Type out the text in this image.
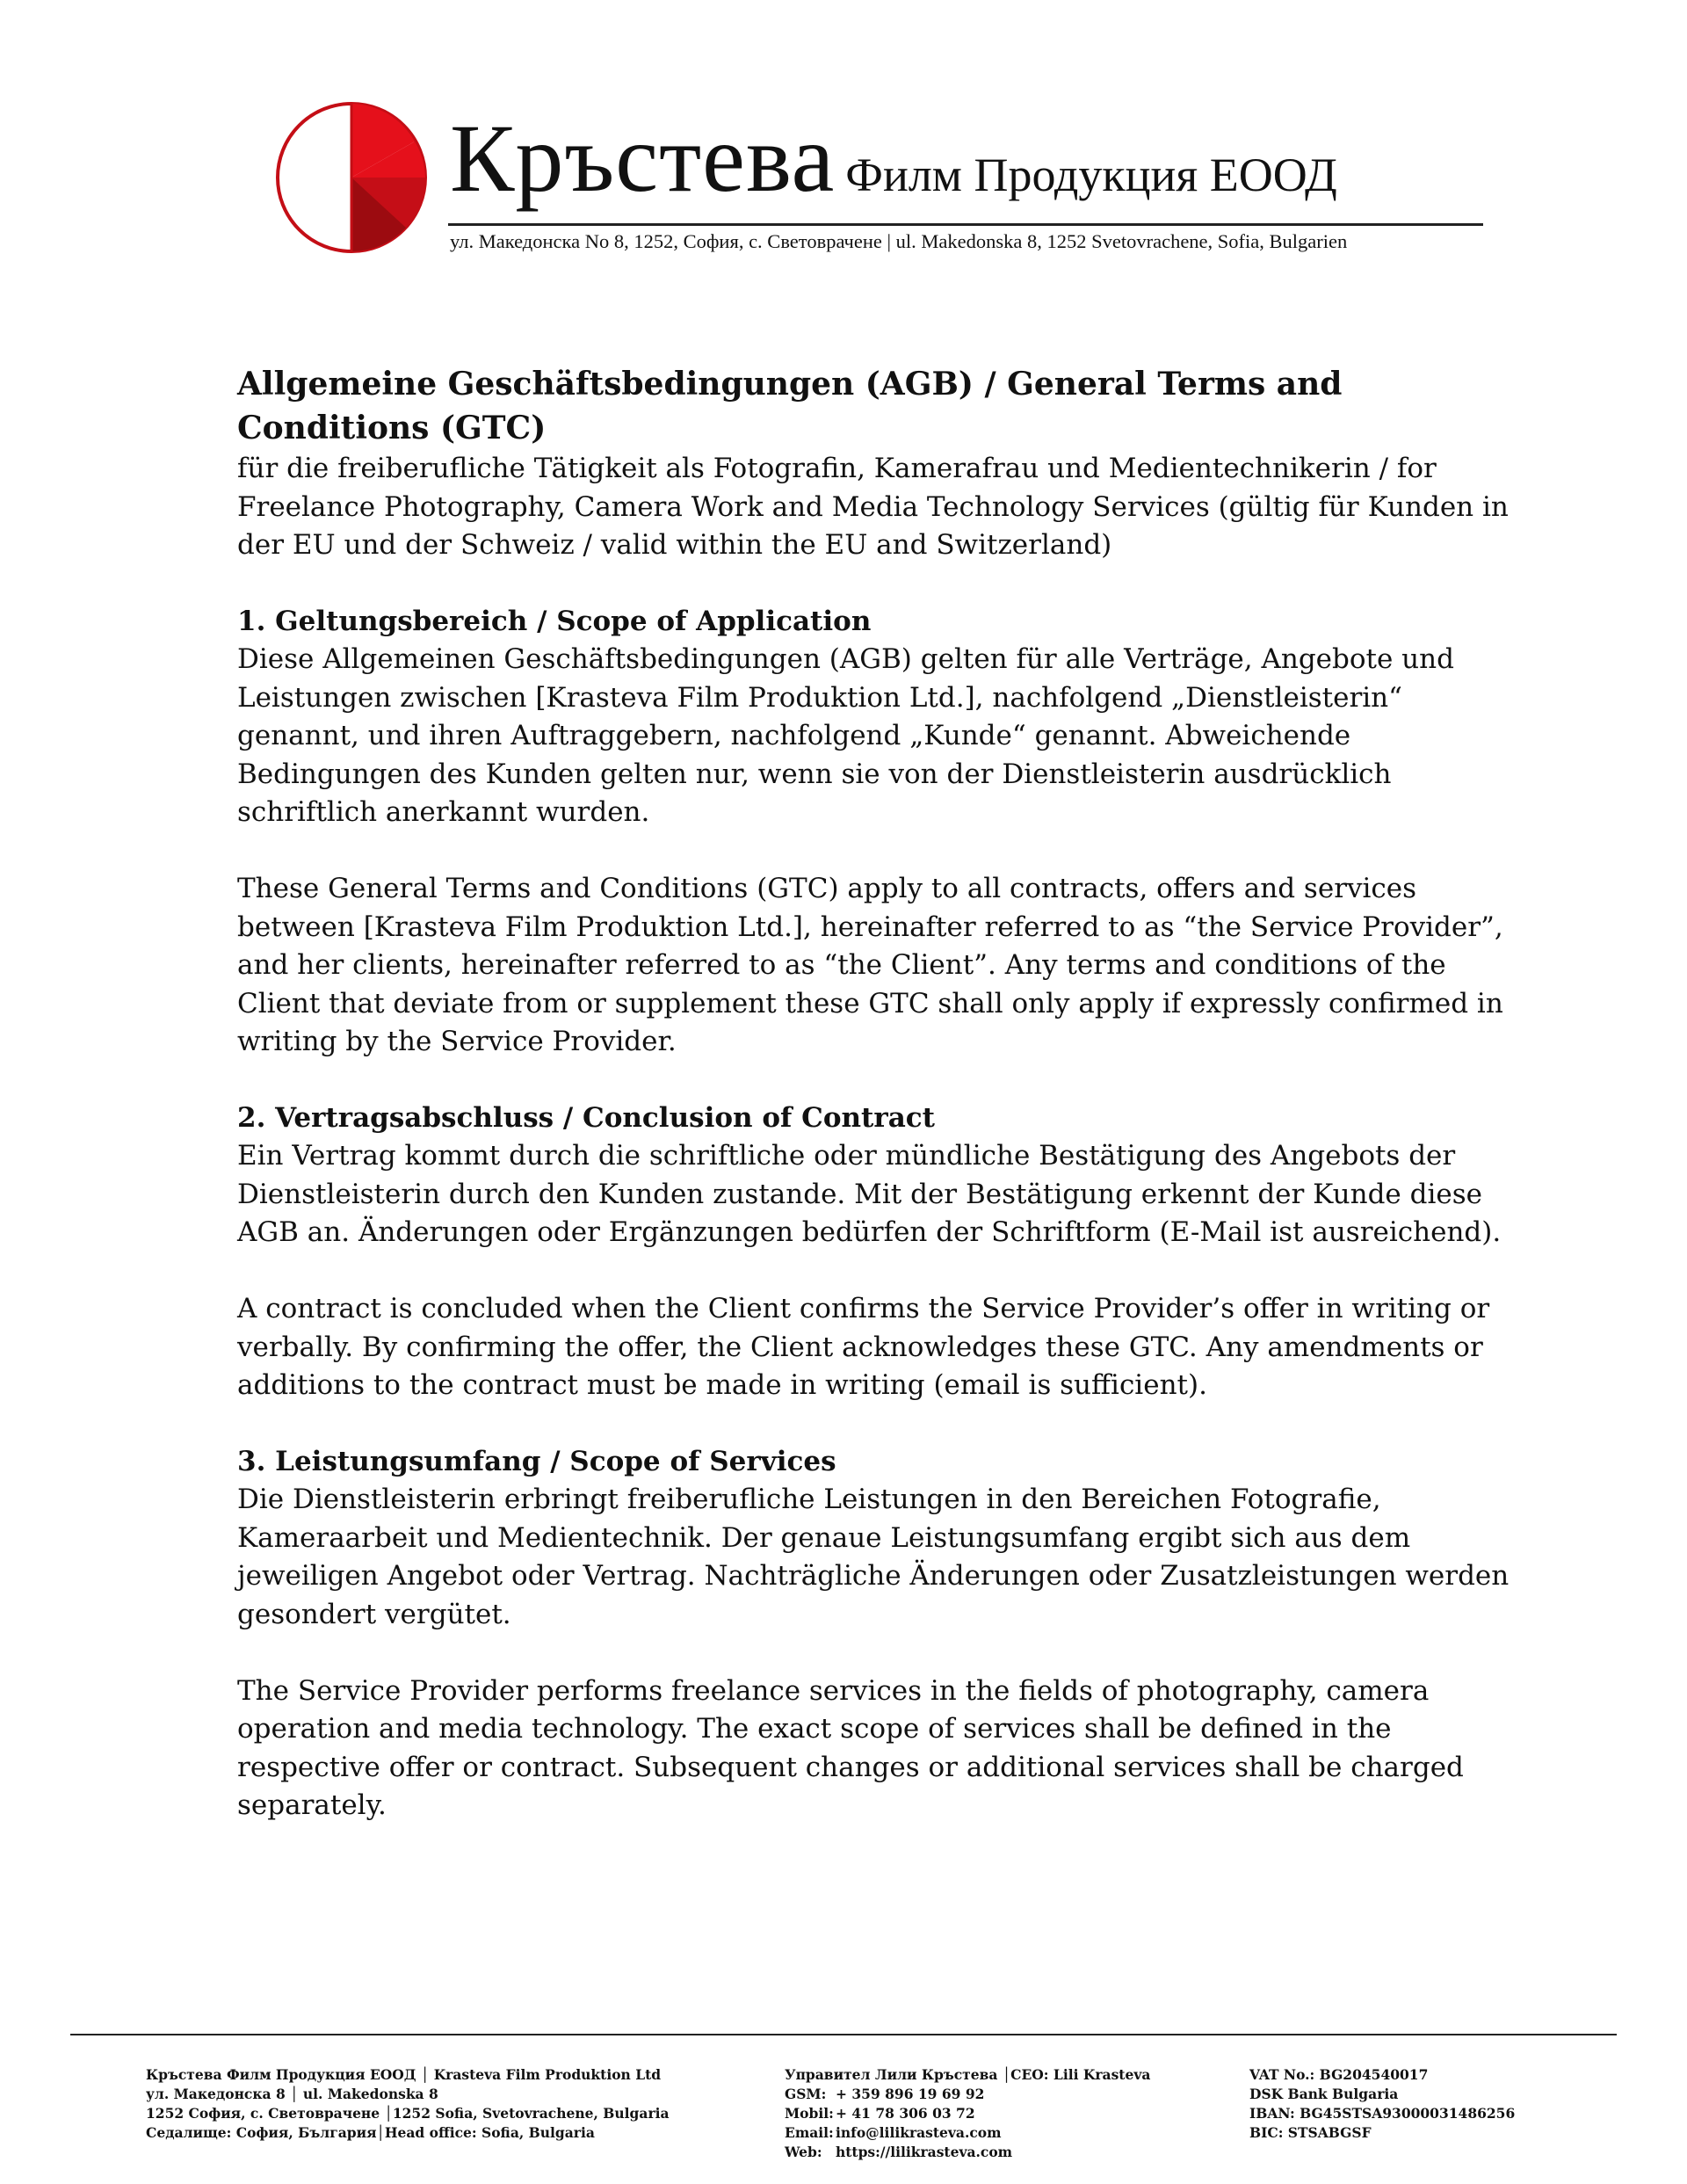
Кръстева Филм Продукция ЕООД
ул. Македонска No 8, 1252, София, с. Световрачене | ul. Makedonska 8, 1252 Svetovrachene, Sofia, Bulgarien
Allgemeine Geschäftsbedingungen (AGB) / General Terms and Conditions (GTC)

für die freiberufliche Tätigkeit als Fotografin, Kamerafrau und Medientechnikerin / for Freelance Photography, Camera Work and Media Technology Services (gültig für Kunden in der EU und der Schweiz / valid within the EU and Switzerland)

1. Geltungsbereich / Scope of Application

Diese Allgemeinen Geschäftsbedingungen (AGB) gelten für alle Verträge, Angebote und Leistungen zwischen [Krasteva Film Produktion Ltd.], nachfolgend „Dienstleisterin“ genannt, und ihren Auftraggebern, nachfolgend „Kunde“ genannt. Abweichende Bedingungen des Kunden gelten nur, wenn sie von der Dienstleisterin ausdrücklich schriftlich anerkannt wurden.

These General Terms and Conditions (GTC) apply to all contracts, offers and services between [Krasteva Film Produktion Ltd.], hereinafter referred to as “the Service Provider”, and her clients, hereinafter referred to as “the Client”. Any terms and conditions of the Client that deviate from or supplement these GTC shall only apply if expressly confirmed in writing by the Service Provider.

2. Vertragsabschluss / Conclusion of Contract

Ein Vertrag kommt durch die schriftliche oder mündliche Bestätigung des Angebots der Dienstleisterin durch den Kunden zustande. Mit der Bestätigung erkennt der Kunde diese AGB an. Änderungen oder Ergänzungen bedürfen der Schriftform (E-Mail ist ausreichend).

A contract is concluded when the Client confirms the Service Provider’s offer in writing or verbally. By confirming the offer, the Client acknowledges these GTC. Any amendments or additions to the contract must be made in writing (email is sufficient).

3. Leistungsumfang / Scope of Services

Die Dienstleisterin erbringt freiberufliche Leistungen in den Bereichen Fotografie, Kameraarbeit und Medientechnik. Der genaue Leistungsumfang ergibt sich aus dem jeweiligen Angebot oder Vertrag. Nachträgliche Änderungen oder Zusatzleistungen werden gesondert vergütet.

The Service Provider performs freelance services in the fields of photography, camera operation and media technology. The exact scope of services shall be defined in the respective offer or contract. Subsequent changes or additional services shall be charged separately.

Кръстева Филм Продукция ЕООД │ Krasteva Film Produktion Ltd
ул. Македонска 8 │ ul. Makedonska 8
1252 София, с. Световрачене │1252 Sofia, Svetovrachene, Bulgaria
Седалище: София, България│Head office: Sofia, Bulgaria
Управител Лили Кръстева │CEO: Lili Krasteva
GSM: + 359 896 19 69 92
Mobil: + 41 78 306 03 72
Email: info@lilikrasteva.com
Web: https://lilikrasteva.com
VAT No.: BG204540017
DSK Bank Bulgaria
IBAN: BG45STSA93000031486256
BIC: STSABGSF
